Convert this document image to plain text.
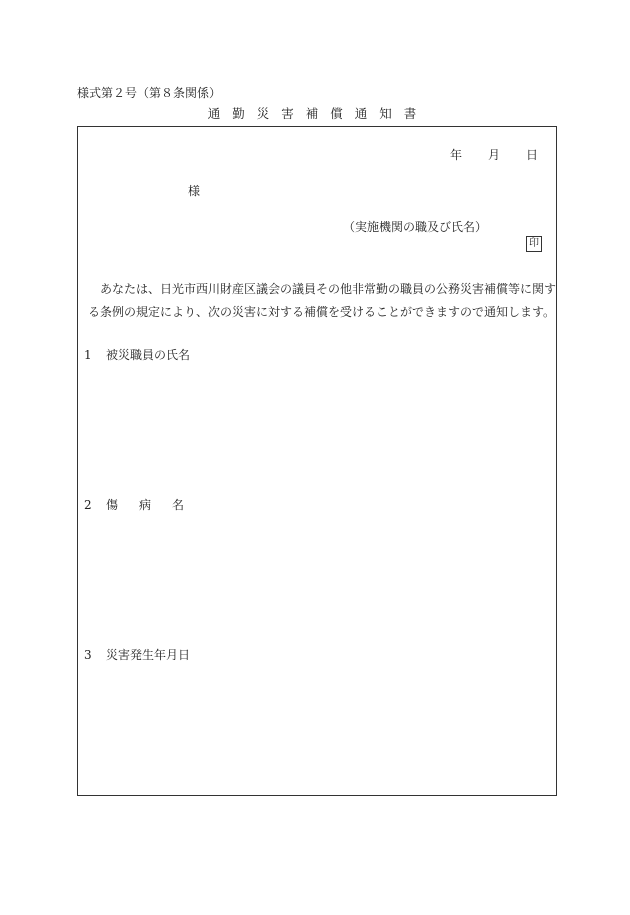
様式第２号（第８条関係）
通勤災害補償通知書
年 月 日
様
（実施機関の職及び氏名）
印
あなたは、日光市西川財産区議会の議員その他非常勤の職員の公務災害補償等に関す
る条例の規定により、次の災害に対する補償を受けることができますので通知します。
1 被災職員の氏名
2 傷病名
3 災害発生年月日
